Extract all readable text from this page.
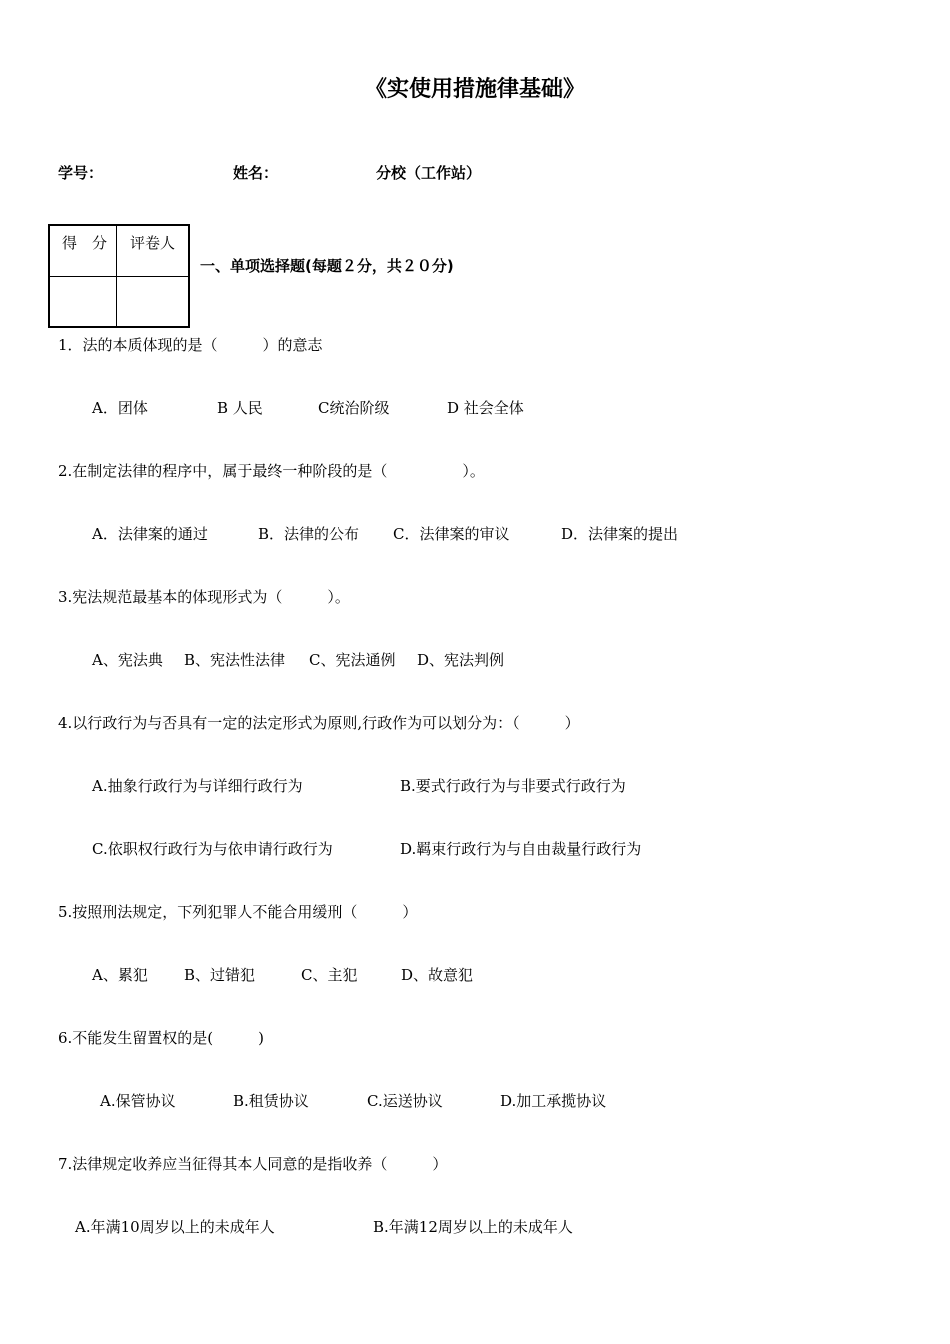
《实使用措施律基础》
学号：	姓名：	分校（工作站）
得　分 评卷人
一、单项选择题(每题２分，共２０分)
1．法的本质体现的是（　　　）的意志
A．团体	B 人民	C统治阶级	D 社会全体
2.在制定法律的程序中，属于最终一种阶段的是（　　　　　）。
A．法律案的通过	B．法律的公布 C．法律案的审议	D．法律案的提出
3.宪法规范最基本的体现形式为（　　　）。
A、宪法典 B、宪法性法律 C、宪法通例 D、宪法判例
4.以行政行为与否具有一定的法定形式为原则,行政作为可以划分为：（　　　）
A.抽象行政行为与详细行政行为	B.要式行政行为与非要式行政行为
C.依职权行政行为与依申请行政行为	D.羁束行政行为与自由裁量行政行为
5.按照刑法规定，下列犯罪人不能合用缓刑（　　　）
A、累犯 B、过错犯	C、主犯	D、故意犯
6.不能发生留置权的是(　　　)
A.保管协议	B.租赁协议	C.运送协议	D.加工承揽协议
7.法律规定收养应当征得其本人同意的是指收养（　　　）
A.年满10周岁以上的未成年人	B.年满12周岁以上的未成年人
